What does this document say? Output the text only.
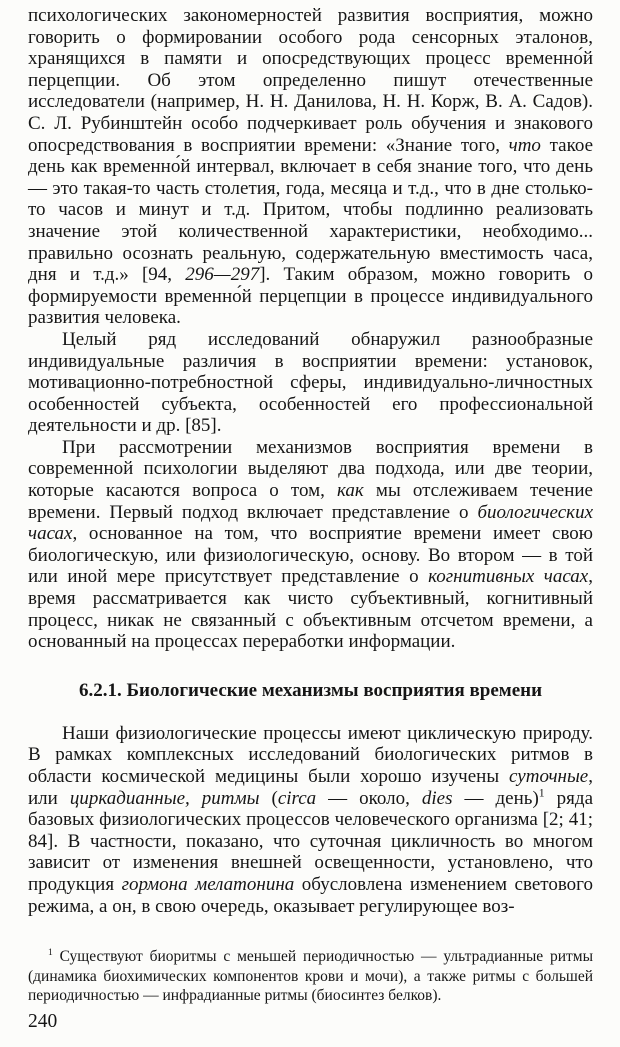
психологических закономерностей развития восприятия, можно говорить о формировании особого рода сенсорных эталонов, хранящихся в памяти и опосредствующих процесс временно́й перцепции. Об этом определенно пишут отечественные исследователи (например, Н. Н. Данилова, Н. Н. Корж, В. А. Садов). С. Л. Рубинштейн особо подчеркивает роль обучения и знакового опосредствования в восприятии времени: «Знание того, что такое день как временно́й интервал, включает в себя знание того, что день — это такая-то часть столетия, года, месяца и т.д., что в дне столько-то часов и минут и т.д. Притом, чтобы подлинно реализовать значение этой количественной характеристики, необходимо... правильно осознать реальную, содержательную вместимость часа, дня и т.д.» [94, 296—297]. Таким образом, можно говорить о формируемости временно́й перцепции в процессе индивидуального развития человека.

Целый ряд исследований обнаружил разнообразные индивидуальные различия в восприятии времени: установок, мотивационно-потребностной сферы, индивидуально-личностных особенностей субъекта, особенностей его профессиональной деятельности и др. [85].

При рассмотрении механизмов восприятия времени в современной психологии выделяют два подхода, или две теории, которые касаются вопроса о том, как мы отслеживаем течение времени. Первый подход включает представление о биологических часах, основанное на том, что восприятие времени имеет свою биологическую, или физиологическую, основу. Во втором — в той или иной мере присутствует представление о когнитивных часах, время рассматривается как чисто субъективный, когнитивный процесс, никак не связанный с объективным отсчетом времени, а основанный на процессах переработки информации.

6.2.1. Биологические механизмы восприятия времени

Наши физиологические процессы имеют циклическую природу. В рамках комплексных исследований биологических ритмов в области космической медицины были хорошо изучены суточные, или циркадианные, ритмы (circa — около, dies — день)$^1$ ряда базовых физиологических процессов человеческого организма [2; 41; 84]. В частности, показано, что суточная цикличность во многом зависит от изменения внешней освещенности, установлено, что продукция гормона мелатонина обусловлена изменением светового режима, а он, в свою очередь, оказывает регулирующее воз-

$^1$ Существуют биоритмы с меньшей периодичностью — ультрадианные ритмы (динамика биохимических компонентов крови и мочи), а также ритмы с большей периодичностью — инфрадианные ритмы (биосинтез белков).

240
